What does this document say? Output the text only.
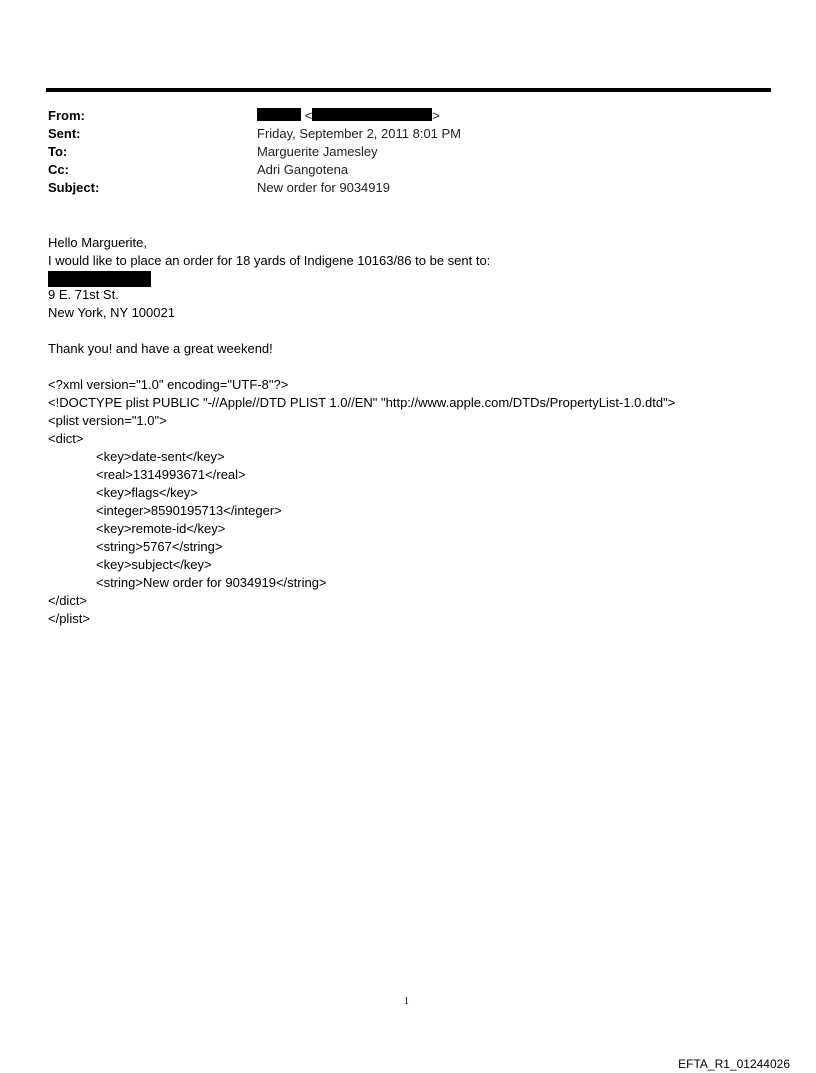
From:	<	>
Sent:	Friday, September 2, 2011 8:01 PM
To:	Marguerite Jamesley
Cc:	Adri Gangotena
Subject:	New order for 9034919
Hello Marguerite,
I would like to place an order for 18 yards of Indigene 10163/86 to be sent to:
9 E. 71st St.
New York, NY 100021
Thank you! and have a great weekend!
<?xml version="1.0" encoding="UTF-8"?>
<!DOCTYPE plist PUBLIC "-//Apple//DTD PLIST 1.0//EN" "http://www.apple.com/DTDs/PropertyList-1.0.dtd">
<plist version="1.0">
<dict>
<key>date-sent</key>
<real>1314993671</real>
<key>flags</key>
<integer>8590195713</integer>
<key>remote-id</key>
<string>5767</string>
<key>subject</key>
<string>New order for 9034919</string>
</dict>
</plist>
1
EFTA_R1_01244026
